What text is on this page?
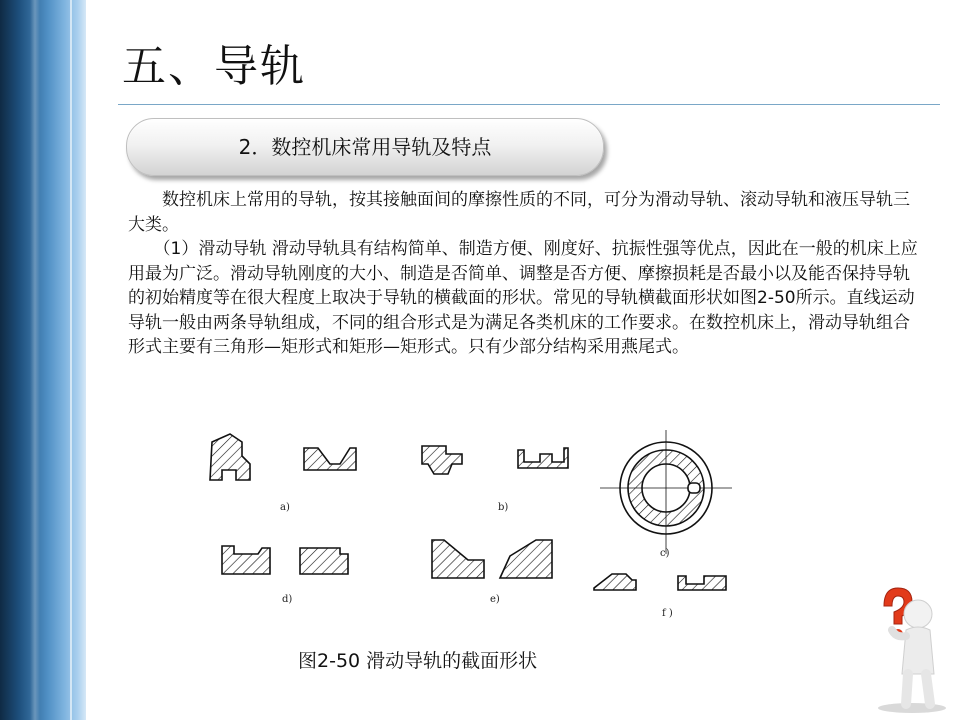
五、导轨
2．数控机床常用导轨及特点

　　数控机床上常用的导轨，按其接触面间的摩擦性质的不同，可分为滑动导轨、滚动导轨和液压导轨三大类。

　　（1）滑动导轨 滑动导轨具有结构简单、制造方便、刚度好、抗振性强等优点，因此在一般的机床上应用最为广泛。滑动导轨刚度的大小、制造是否简单、调整是否方便、摩擦损耗是否最小以及能否保持导轨的初始精度等在很大程度上取决于导轨的横截面的形状。常见的导轨横截面形状如图2-50所示。直线运动导轨一般由两条导轨组成，不同的组合形式是为满足各类机床的工作要求。在数控机床上，滑动导轨组合形式主要有三角形—矩形式和矩形—矩形式。只有少部分结构采用燕尾式。

a)	b)
c)
d)	e)
f )
图2-50 滑动导轨的截面形状
